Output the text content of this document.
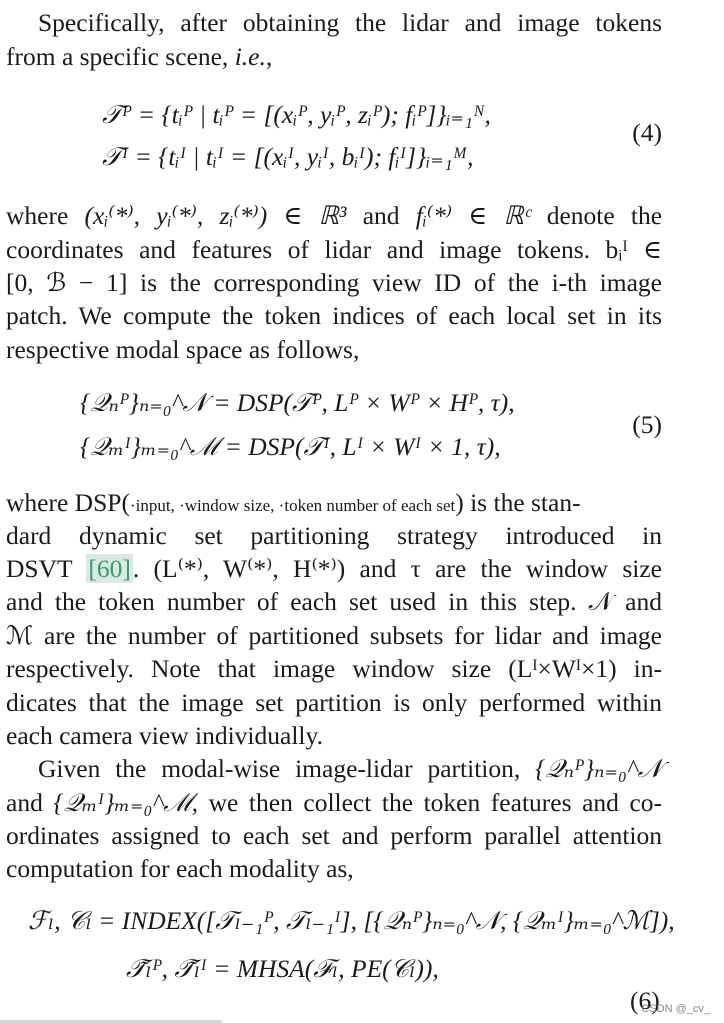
Specifically, after obtaining the lidar and image tokens
from a specific scene, i.e.,
𝒯ᴾ = {tᵢᴾ | tᵢᴾ = [(xᵢᴾ, yᵢᴾ, zᵢᴾ); fᵢᴾ]}ᵢ₌₁ᴺ,
𝒯ᴵ = {tᵢᴵ | tᵢᴵ = [(xᵢᴵ, yᵢᴵ, bᵢᴵ); fᵢᴵ]}ᵢ₌₁ᴹ,
(4)
where (xᵢ⁽*⁾, yᵢ⁽*⁾, zᵢ⁽*⁾) ∈ ℝ³ and fᵢ⁽*⁾ ∈ ℝᶜ denote the
coordinates and features of lidar and image tokens. bᵢᴵ ∈
[0, ℬ − 1] is the corresponding view ID of the i-th image
patch. We compute the token indices of each local set in its
respective modal space as follows,
{𝒬ₙᴾ}ₙ₌₀^𝒩 = DSP(𝒯ᴾ, Lᴾ × Wᴾ × Hᴾ, τ),
{𝒬ₘᴵ}ₘ₌₀^ℳ = DSP(𝒯ᴵ, Lᴵ × Wᴵ × 1, τ),
(5)
where DSP(·input, ·window size, ·token number of each set) is the stan-
dard dynamic set partitioning strategy introduced in
DSVT [60]. (L⁽*⁾, W⁽*⁾, H⁽*⁾) and τ are the window size
and the token number of each set used in this step. 𝒩 and
ℳ are the number of partitioned subsets for lidar and image
respectively. Note that image window size (Lᴵ×Wᴵ×1) in-
dicates that the image set partition is only performed within
each camera view individually.
Given the modal-wise image-lidar partition, {𝒬ₙᴾ}ₙ₌₀^𝒩
and {𝒬ₘᴵ}ₘ₌₀^ℳ, we then collect the token features and co-
ordinates assigned to each set and perform parallel attention
computation for each modality as,
ℱₗ, 𝒞ₗ = INDEX([𝒯ₗ₋₁ᴾ, 𝒯ₗ₋₁ᴵ], [{𝒬ₙᴾ}ₙ₌₀^𝒩, {𝒬ₘᴵ}ₘ₌₀^ℳ]),
𝒯̃ₗᴾ, 𝒯̃ₗᴵ = MHSA(ℱₗ, PE(𝒞ₗ)),
(6)
CSDN @_cv_
